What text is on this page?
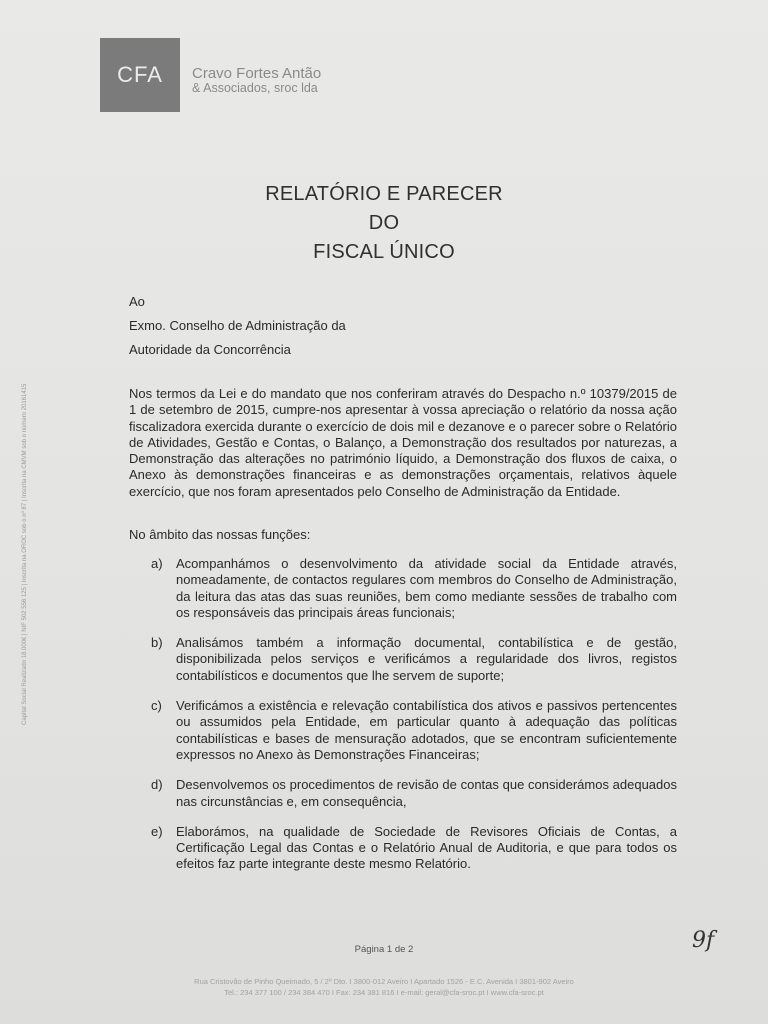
CFA Cravo Fortes Antão
& Associados, sroc lda
Capital Social Realizado 18.000€ | NIF 502 556 125 | Inscrita na OROC sob o nº 87 | Inscrita na CMVM sob o número 20161415
RELATÓRIO E PARECER
DO
FISCAL ÚNICO
Ao
Exmo. Conselho de Administração da
Autoridade da Concorrência
Nos termos da Lei e do mandato que nos conferiram através do Despacho n.º 10379/2015 de 1 de setembro de 2015, cumpre-nos apresentar à vossa apreciação o relatório da nossa ação fiscalizadora exercida durante o exercício de dois mil e dezanove e o parecer sobre o Relatório de Atividades, Gestão e Contas, o Balanço, a Demonstração dos resultados por naturezas, a Demonstração das alterações no património líquido, a Demonstração dos fluxos de caixa, o Anexo às demonstrações financeiras e as demonstrações orçamentais, relativos àquele exercício, que nos foram apresentados pelo Conselho de Administração da Entidade.
No âmbito das nossas funções:
a)	Acompanhámos o desenvolvimento da atividade social da Entidade através, nomeadamente, de contactos regulares com membros do Conselho de Administração, da leitura das atas das suas reuniões, bem como mediante sessões de trabalho com os responsáveis das principais áreas funcionais;
b)	Analisámos também a informação documental, contabilística e de gestão, disponibilizada pelos serviços e verificámos a regularidade dos livros, registos contabilísticos e documentos que lhe servem de suporte;
c)	Verificámos a existência e relevação contabilística dos ativos e passivos pertencentes ou assumidos pela Entidade, em particular quanto à adequação das políticas contabilísticas e bases de mensuração adotados, que se encontram suficientemente expressos no Anexo às Demonstrações Financeiras;
d)	Desenvolvemos os procedimentos de revisão de contas que considerámos adequados nas circunstâncias e, em consequência,
e)	Elaborámos, na qualidade de Sociedade de Revisores Oficiais de Contas, a Certificação Legal das Contas e o Relatório Anual de Auditoria, e que para todos os efeitos faz parte integrante deste mesmo Relatório.
Página 1 de 2	9f
Rua Cristovão de Pinho Queimado, 5 / 2º Dto. I 3800-012 Aveiro I Apartado 1526 - E.C. Avenida I 3801-902 Aveiro
Tel.: 234 377 100 / 234 384 470 I Fax: 234 381 816 I e-mail: geral@cfa-sroc.pt I www.cfa-sroc.pt
